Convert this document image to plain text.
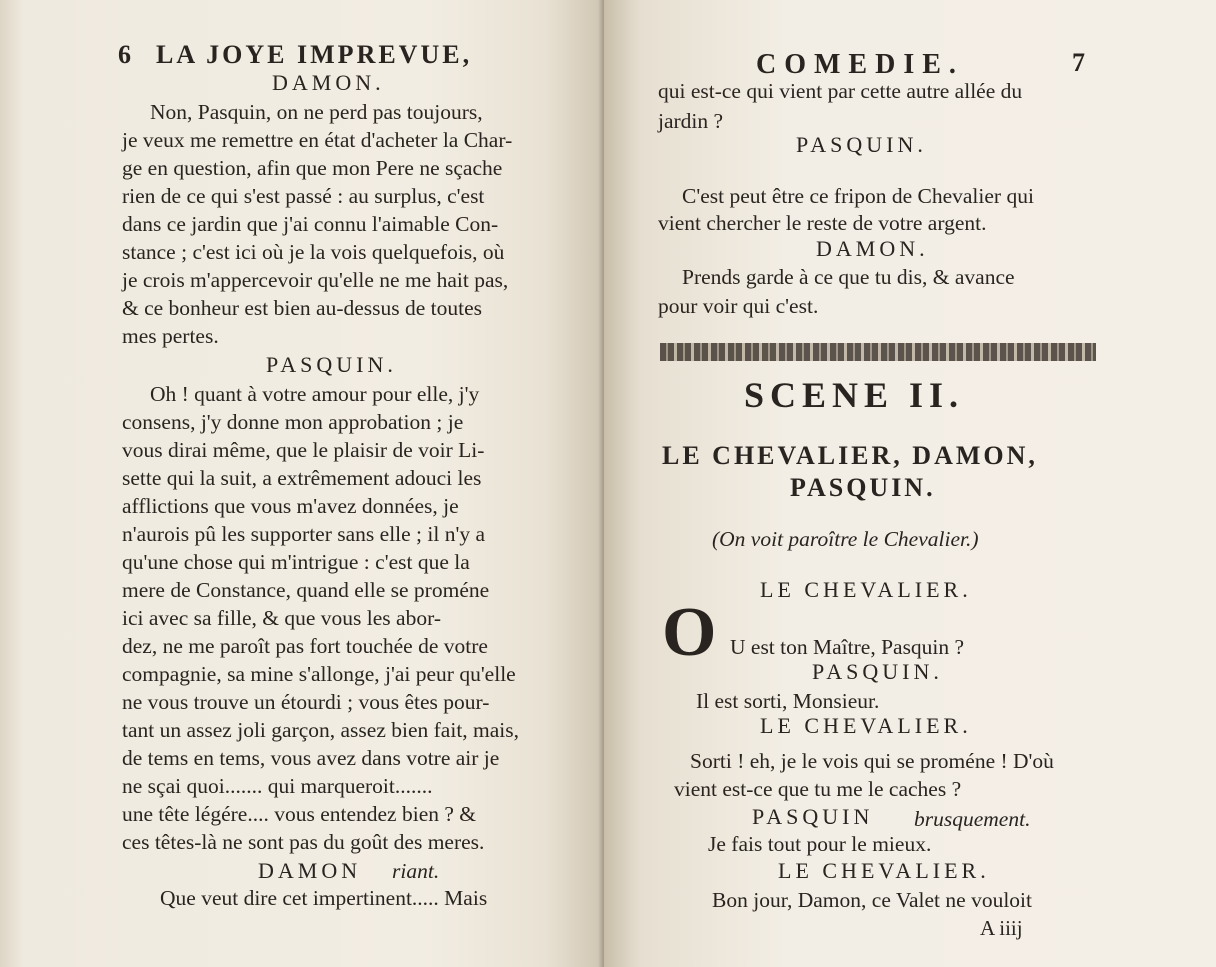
6 LA JOYE IMPREVUE,
DAMON.
Non, Pasquin, on ne perd pas toujours,
je veux me remettre en état d'acheter la Char-
ge en question, afin que mon Pere ne sçache
rien de ce qui s'est passé : au surplus, c'est
dans ce jardin que j'ai connu l'aimable Con-
stance ; c'est ici où je la vois quelquefois, où
je crois m'appercevoir qu'elle ne me hait pas,
& ce bonheur est bien au-dessus de toutes
mes pertes.
PASQUIN.
Oh ! quant à votre amour pour elle, j'y
consens, j'y donne mon approbation ; je
vous dirai même, que le plaisir de voir Li-
sette qui la suit, a extrêmement adouci les
afflictions que vous m'avez données, je
n'aurois pû les supporter sans elle ; il n'y a
qu'une chose qui m'intrigue : c'est que la
mere de Constance, quand elle se proméne
ici avec sa fille, & que vous les abor-
dez, ne me paroît pas fort touchée de votre
compagnie, sa mine s'allonge, j'ai peur qu'elle
ne vous trouve un étourdi ; vous êtes pour-
tant un assez joli garçon, assez bien fait, mais,
de tems en tems, vous avez dans votre air je
ne sçai quoi....... qui marqueroit.......
une tête légére.... vous entendez bien ? &
ces têtes-là ne sont pas du goût des meres.
DAMON riant.
Que veut dire cet impertinent..... Mais
COMEDIE.	7
qui est-ce qui vient par cette autre allée du
jardin ?
PASQUIN.
C'est peut être ce fripon de Chevalier qui
vient chercher le reste de votre argent.
DAMON.
Prends garde à ce que tu dis, & avance
pour voir qui c'est.
SCENE II.
LE CHEVALIER, DAMON,
PASQUIN.
(On voit paroître le Chevalier.)
LE CHEVALIER.
O U est ton Maître, Pasquin ?
PASQUIN.
Il est sorti, Monsieur.
LE CHEVALIER.
Sorti ! eh, je le vois qui se proméne ! D'où
vient est-ce que tu me le caches ?
PASQUIN brusquement.
Je fais tout pour le mieux.
LE CHEVALIER.
Bon jour, Damon, ce Valet ne vouloit
A iiij
